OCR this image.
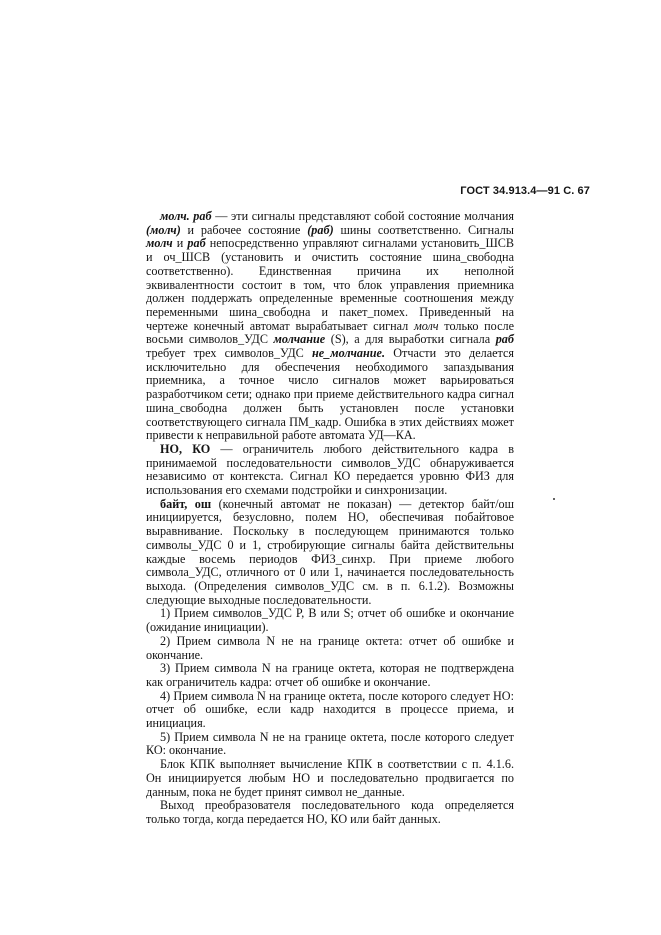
ГОСТ 34.913.4—91 С. 67

молч. раб — эти сигналы представляют собой состояние молчания (молч) и рабочее состояние (раб) шины соответственно. Сигналы молч и раб непосредственно управляют сигналами установить_ШСВ и оч_ШСВ (установить и очистить состояние шина_свободна соответственно). Единственная причина их неполной эквивалентности состоит в том, что блок управления приемника должен поддержать определенные временные соотношения между переменными шина_свободна и пакет_помех. Приведенный на чертеже конечный автомат вырабатывает сигнал молч только после восьми символов_УДС молчание (S), а для выработки сигнала раб требует трех символов_УДС не_молчание. Отчасти это делается исключительно для обеспечения необходимого запаздывания приемника, а точное число сигналов может варьироваться разработчиком сети; однако при приеме действительного кадра сигнал шина_свободна должен быть установлен после установки соответствующего сигнала ПМ_кадр. Ошибка в этих действиях может привести к неправильной работе автомата УД—КА.

НО, КО — ограничитель любого действительного кадра в принимаемой последовательности символов_УДС обнаруживается независимо от контекста. Сигнал КО передается уровню ФИЗ для использования его схемами подстройки и синхронизации.

байт, ош (конечный автомат не показан) — детектор байт/ош инициируется, безусловно, полем НО, обеспечивая побайтовое выравнивание. Поскольку в последующем принимаются только символы_УДС 0 и 1, стробирующие сигналы байта действительны каждые восемь периодов ФИЗ_синхр. При приеме любого символа_УДС, отличного от 0 или 1, начинается последовательность выхода. (Определения символов_УДС см. в п. 6.1.2). Возможны следующие выходные последовательности.

1) Прием символов_УДС P, B или S; отчет об ошибке и окончание (ожидание инициации).

2) Прием символа N не на границе октета: отчет об ошибке и окончание.

3) Прием символа N на границе октета, которая не подтверждена как ограничитель кадра: отчет об ошибке и окончание.

4) Прием символа N на границе октета, после которого следует НО: отчет об ошибке, если кадр находится в процессе приема, и инициация.

5) Прием символа N не на границе октета, после которого следует КО: окончание.

Блок КПК выполняет вычисление КПК в соответствии с п. 4.1.6. Он инициируется любым НО и последовательно продвигается по данным, пока не будет принят символ не_данные.

Выход преобразователя последовательного кода определяется только тогда, когда передается НО, КО или байт данных.
